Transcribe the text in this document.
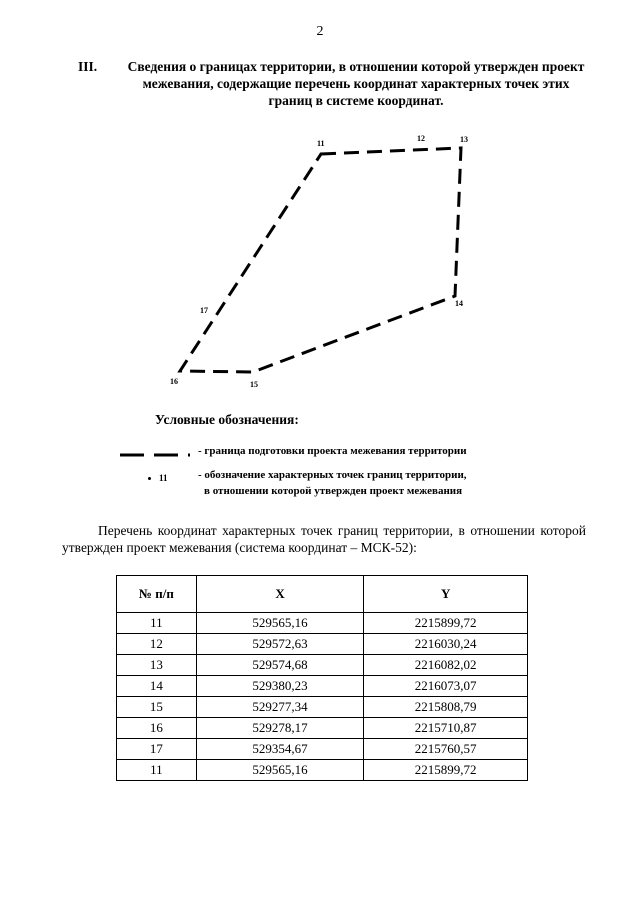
2
III. Сведения о границах территории, в отношении которой утвержден проект межевания, содержащие перечень координат характерных точек этих границ в системе координат.
11
12	13
14
15
16
17
Условные обозначения:
- граница подготовки проекта межевания территории
11	- обозначение характерных точек границ территории,
в отношении которой утвержден проект межевания
Перечень координат характерных точек границ территории, в отношении которой утвержден проект межевания (система координат – МСК-52):
№ п/п	X	Y
11	529565,16	2215899,72
12	529572,63	2216030,24
13	529574,68	2216082,02
14	529380,23	2216073,07
15	529277,34	2215808,79
16	529278,17	2215710,87
17	529354,67	2215760,57
11	529565,16	2215899,72
